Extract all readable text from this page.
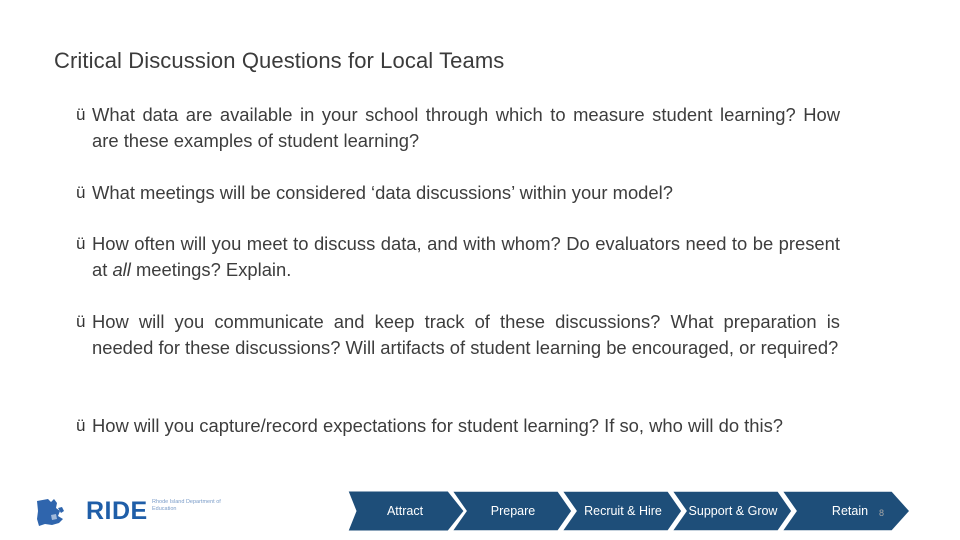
Critical Discussion Questions for Local Teams
ü What data are available in your school through which to measure student learning? How are these examples of student learning?
ü What meetings will be considered ‘data discussions’ within your model?
ü How often will you meet to discuss data, and with whom? Do evaluators need to be present at all meetings? Explain.
ü How will you communicate and keep track of these discussions? What preparation is needed for these discussions? Will artifacts of student learning be encouraged, or required?
ü How will you capture/record expectations for student learning? If so, who will do this?
RIDE Rhode Island Department of Education	Attract	Prepare	Recruit & Hire	Support & Grow	Retain	8
